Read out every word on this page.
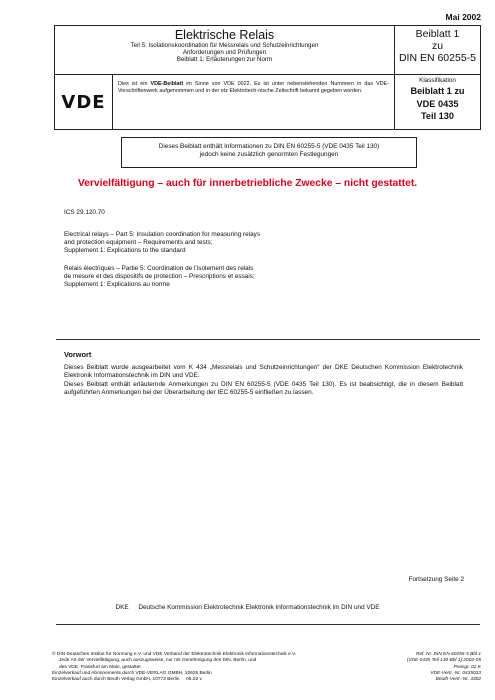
Mai 2002
Elektrische Relais
Teil 5: Isolationskoordination für Messrelais und Schutzeinrichtungen
Anforderungen und Prüfungen
Beiblatt 1: Erläuterungen zur Norm
Beiblatt 1
zu
DIN EN 60255-5
VDE
Dies ist ein VDE-Beiblatt im Sinne von VDE 0022. Es ist unter nebenstehenden Nummern in das VDE-Vorschriftenwerk aufgenommen und in der etz Elektrotech-nische Zeitschrift bekannt gegeben worden.
Klassifikation
Beiblatt 1 zu
VDE 0435
Teil 130
Dieses Beiblatt enthält Informationen zu DIN EN 60255-5 (VDE 0435 Teil 130)
jedoch keine zusätzlich genormten Festlegungen
Vervielfältigung – auch für innerbetriebliche Zwecke – nicht gestattet.
ICS 29.120.70
Electrical relays – Part 5: Insulation coordination for measuring relays
and protection equipment – Requirements and tests;
Supplement 1: Explications to the standard
Relais électriques – Partie 5: Coordination de l’isolement des relais
de mesure et des dispositifs de protection – Prescriptions et essais;
Supplement 1: Explications au norme
Vorwort
Dieses Beiblatt wurde ausgearbeitet vom K 434 „Messrelais und Schutzeinrichtungen“ der DKE Deutschen Kommission Elektrotechnik Elektronik Informationstechnik im DIN und VDE.
Dieses Beiblatt enthält erläuternde Anmerkungen zu DIN EN 60255-5 (VDE 0435 Teil 130). Es ist beabsichtigt, die in diesem Beiblatt aufgeführten Anmerkungen bei der Überarbeitung der IEC 60255-5 einfließen zu lassen.
Fortsetzung Seite 2
DKE Deutsche Kommission Elektrotechnik Elektronik Informationstechnik im DIN und VDE
© DIN Deutsches Institut für Normung e.V. und VDE Verband der Elektrotechnik Elektronik Informationstechnik e.V.
Jede Art der Vervielfältigung, auch auszugsweise, nur mit Genehmigung des DIN, Berlin, und
des VDE, Frankfurt am Main, gestattet
Einzelverkauf und Abonnements durch VDE-VERLAG GMBH, 10625 Berlin
Einzelverkauf auch durch Beuth Verlag GmbH, 10772 Berlin     05.02 v
Ref. Nr. DIN EN 60255-5 Bbl 1
(VDE 0435 Teil 130 Bbl 1):2002-05
Preisgr. 02 K
VDE-Vertr.-Nr. 0435033
Beuth-Vertr.-Nr. 3302
